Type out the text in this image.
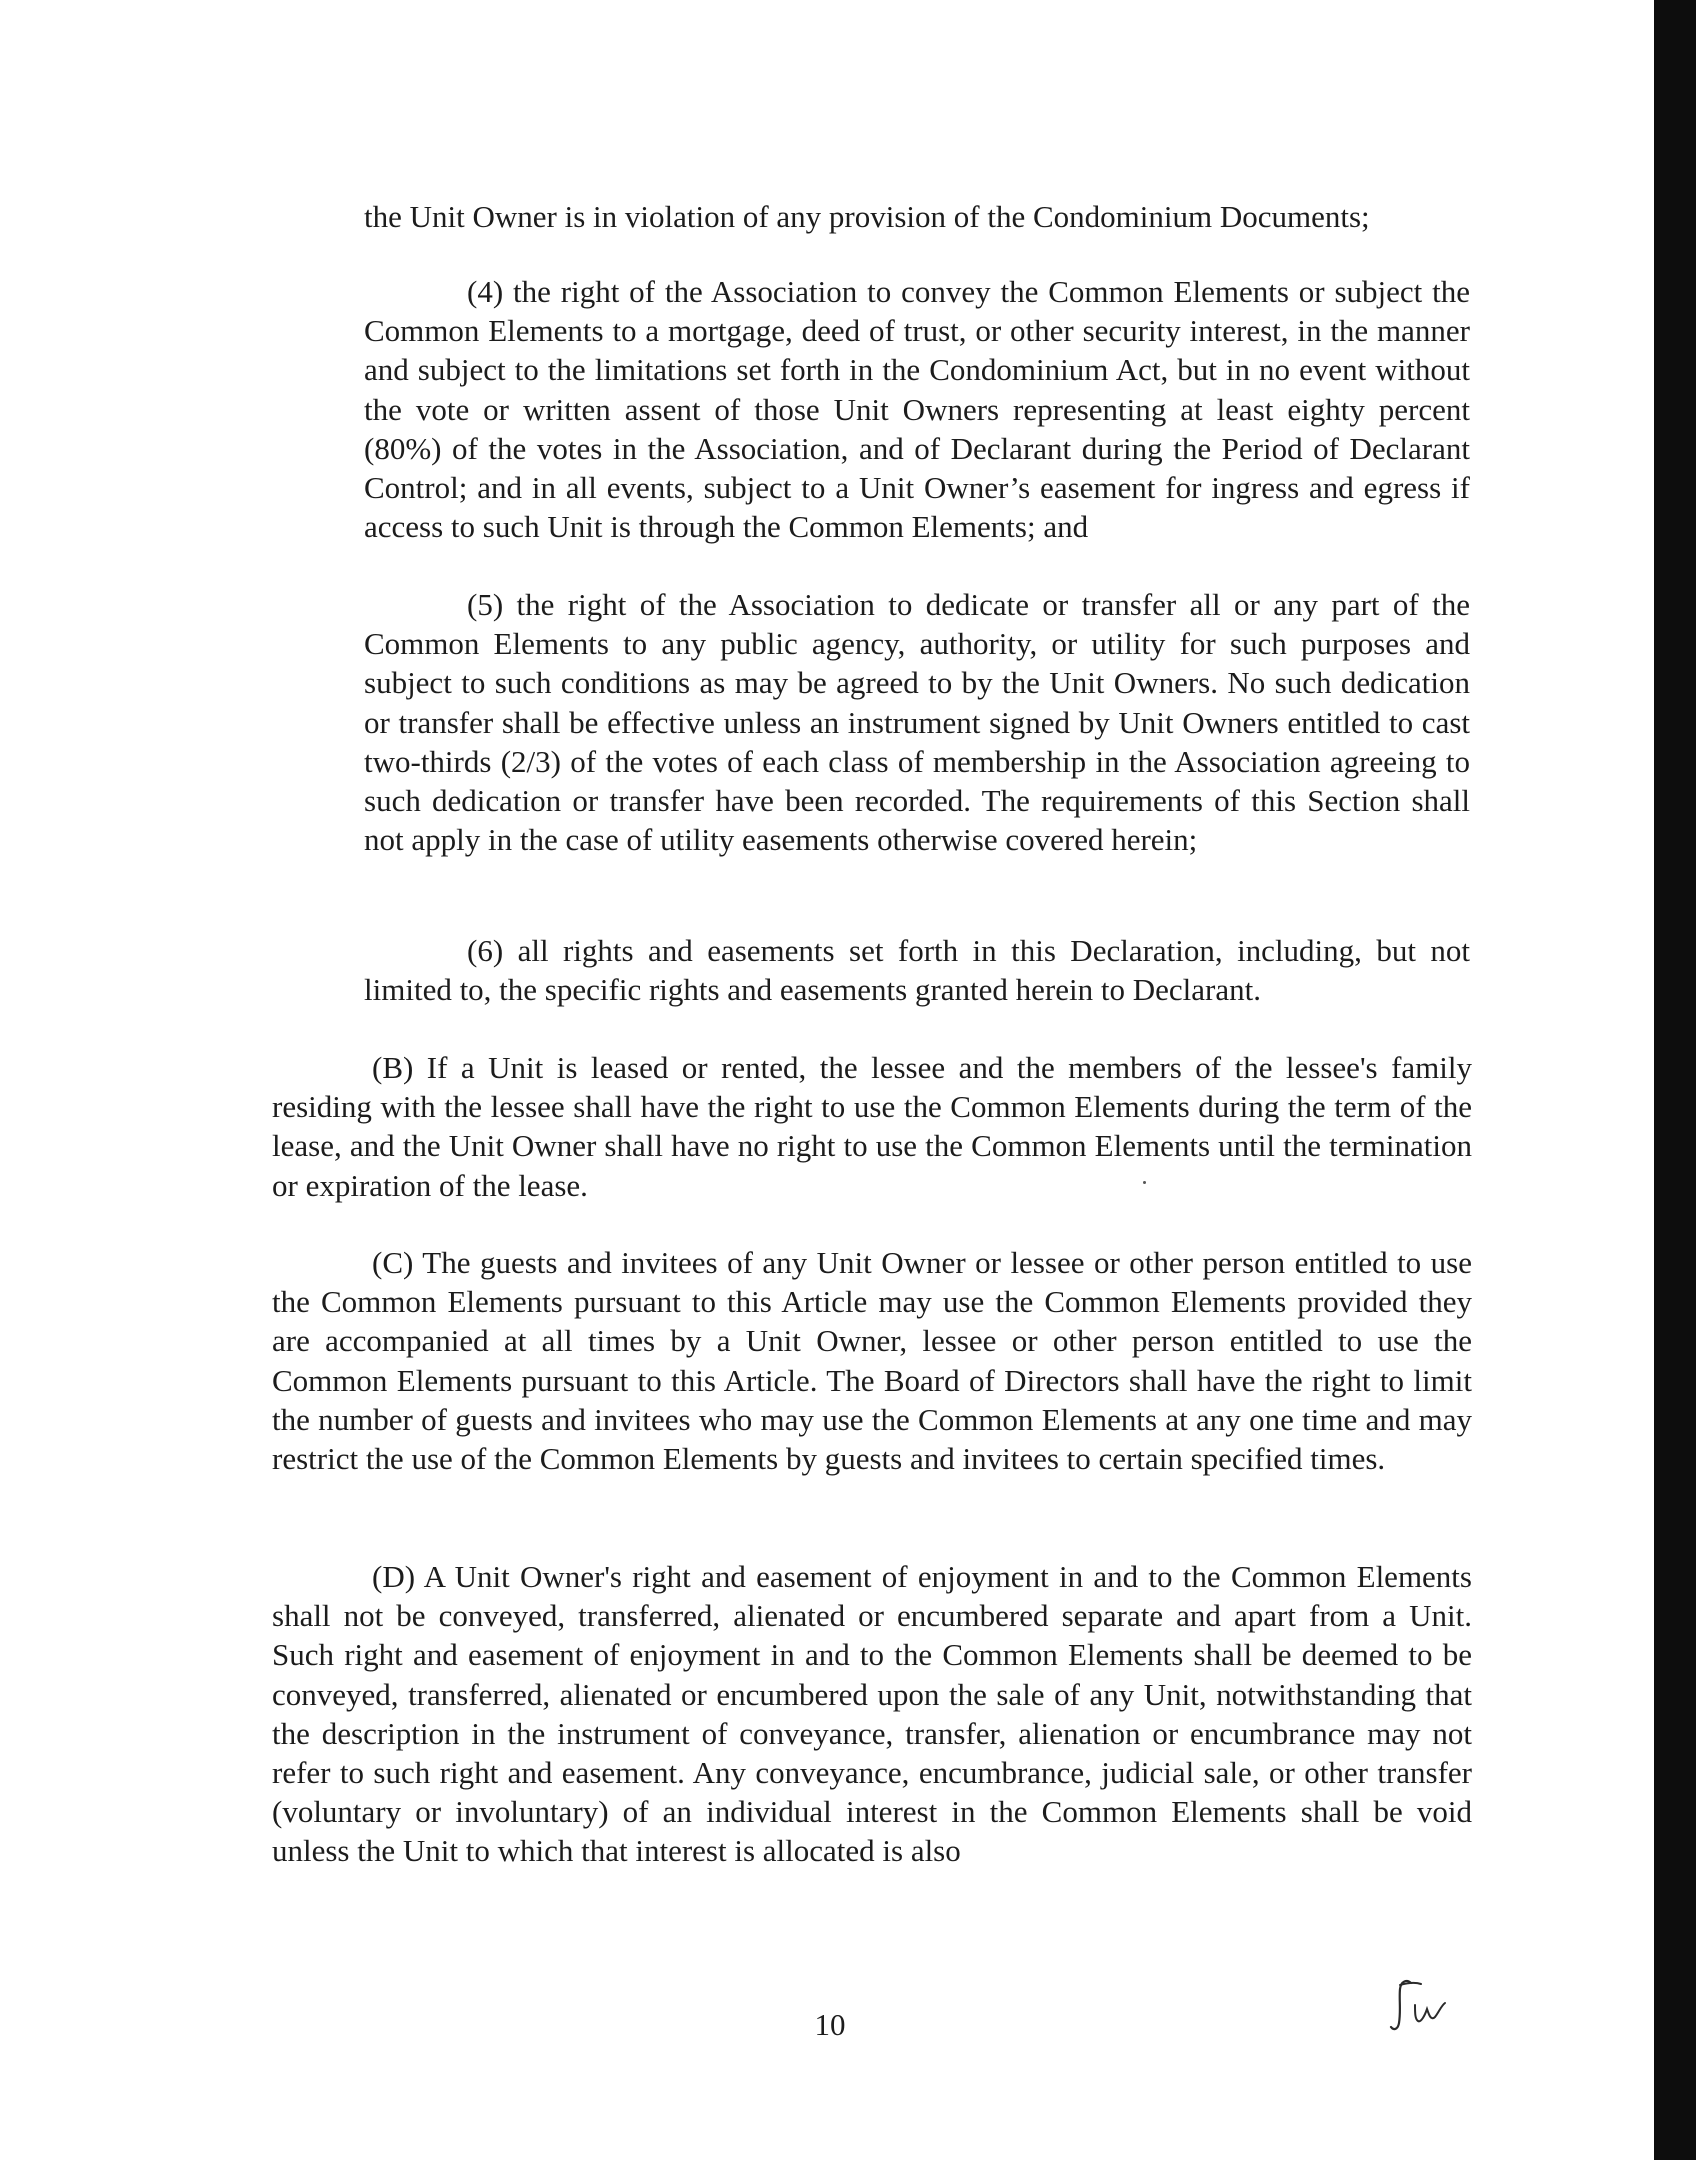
the Unit Owner is in violation of any provision of the Condominium Documents;

(4) the right of the Association to convey the Common Elements or subject the Common Elements to a mortgage, deed of trust, or other security interest, in the manner and subject to the limitations set forth in the Condominium Act, but in no event without the vote or written assent of those Unit Owners representing at least eighty percent (80%) of the votes in the Association, and of Declarant during the Period of Declarant Control; and in all events, subject to a Unit Owner’s easement for ingress and egress if access to such Unit is through the Common Elements; and

(5) the right of the Association to dedicate or transfer all or any part of the Common Elements to any public agency, authority, or utility for such purposes and subject to such conditions as may be agreed to by the Unit Owners. No such dedication or transfer shall be effective unless an instrument signed by Unit Owners entitled to cast two-thirds (2/3) of the votes of each class of membership in the Association agreeing to such dedication or transfer have been recorded. The requirements of this Section shall not apply in the case of utility easements otherwise covered herein;

(6) all rights and easements set forth in this Declaration, including, but not limited to, the specific rights and easements granted herein to Declarant.

(B) If a Unit is leased or rented, the lessee and the members of the lessee's family residing with the lessee shall have the right to use the Common Elements during the term of the lease, and the Unit Owner shall have no right to use the Common Elements until the termination or expiration of the lease.

(C) The guests and invitees of any Unit Owner or lessee or other person entitled to use the Common Elements pursuant to this Article may use the Common Elements provided they are accompanied at all times by a Unit Owner, lessee or other person entitled to use the Common Elements pursuant to this Article. The Board of Directors shall have the right to limit the number of guests and invitees who may use the Common Elements at any one time and may restrict the use of the Common Elements by guests and invitees to certain specified times.

(D) A Unit Owner's right and easement of enjoyment in and to the Common Elements shall not be conveyed, transferred, alienated or encumbered separate and apart from a Unit. Such right and easement of enjoyment in and to the Common Elements shall be deemed to be conveyed, transferred, alienated or encumbered upon the sale of any Unit, notwithstanding that the description in the instrument of conveyance, transfer, alienation or encumbrance may not refer to such right and easement. Any conveyance, encumbrance, judicial sale, or other transfer (voluntary or involuntary) of an individual interest in the Common Elements shall be void unless the Unit to which that interest is allocated is also

10
